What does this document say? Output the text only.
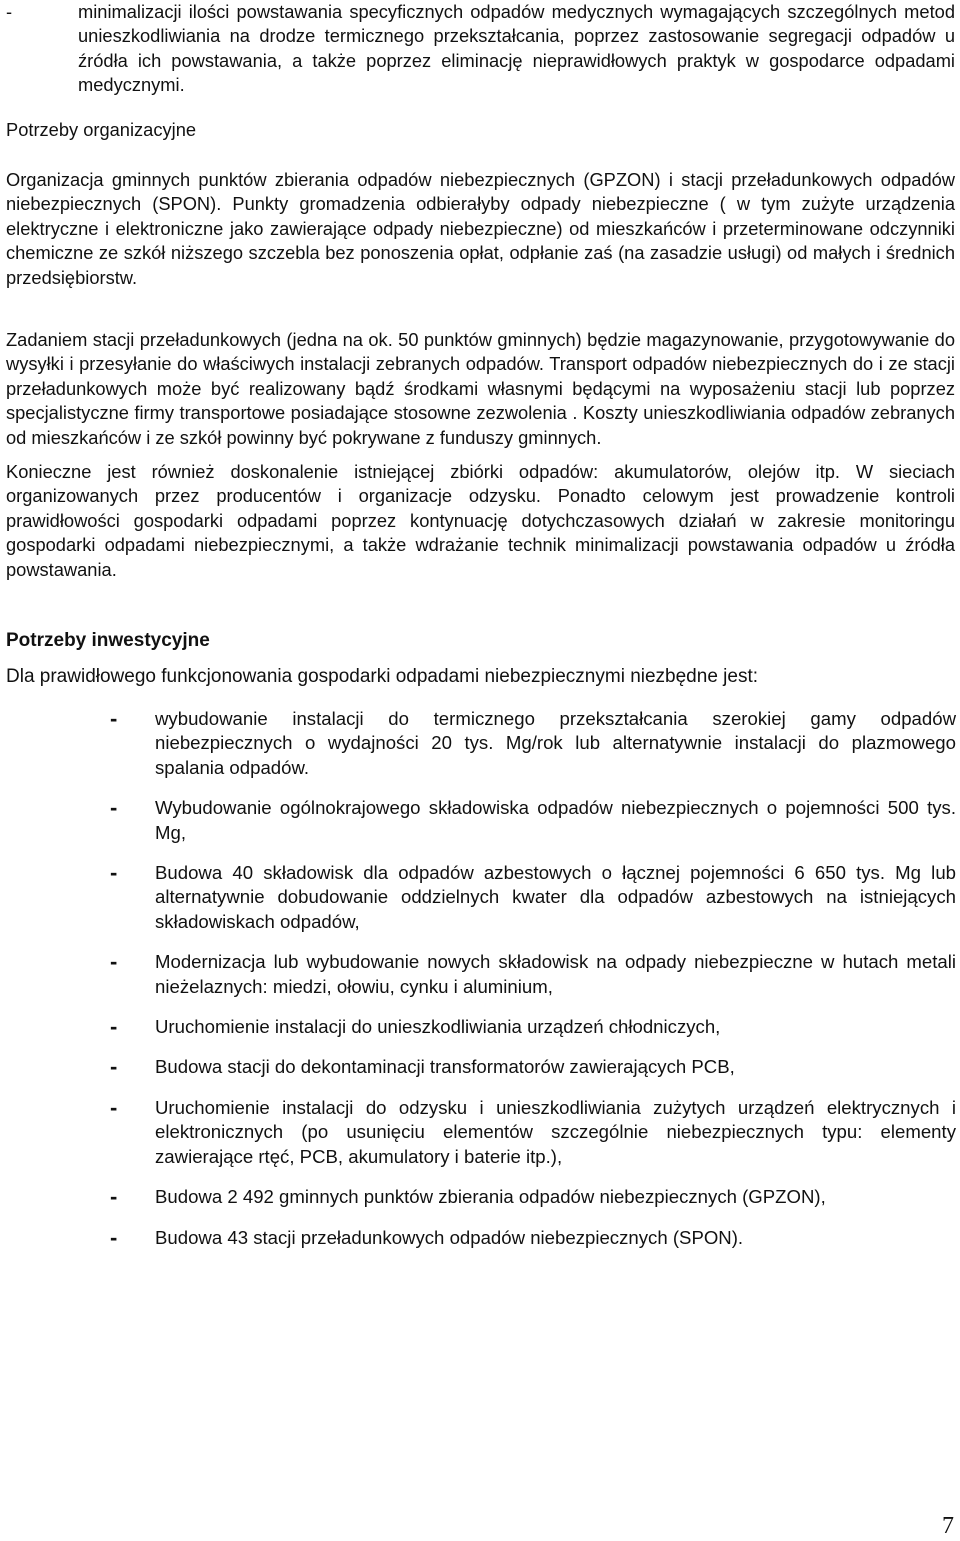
-	minimalizacji ilości powstawania specyficznych odpadów medycznych wymagających szczególnych metod unieszkodliwiania na drodze termicznego przekształcania, poprzez zastosowanie segregacji odpadów u źródła ich powstawania, a także poprzez eliminację nieprawidłowych praktyk w gospodarce odpadami medycznymi.
Potrzeby organizacyjne
Organizacja gminnych punktów zbierania odpadów niebezpiecznych (GPZON) i stacji przeładunkowych odpadów niebezpiecznych (SPON). Punkty gromadzenia odbierałyby odpady niebezpieczne ( w tym zużyte urządzenia elektryczne i elektroniczne jako zawierające odpady niebezpieczne) od mieszkańców i przeterminowane odczynniki chemiczne ze szkół niższego szczebla bez ponoszenia opłat, odpłanie zaś (na zasadzie usługi) od małych i średnich przedsiębiorstw.
Zadaniem stacji przeładunkowych (jedna na ok. 50 punktów gminnych) będzie magazynowanie, przygotowywanie do wysyłki i przesyłanie do właściwych instalacji zebranych odpadów. Transport odpadów niebezpiecznych do i ze stacji przeładunkowych może być realizowany bądź środkami własnymi będącymi na wyposażeniu stacji lub poprzez specjalistyczne firmy transportowe posiadające stosowne zezwolenia . Koszty unieszkodliwiania odpadów zebranych od mieszkańców i ze szkół powinny być pokrywane z funduszy gminnych.
Konieczne jest również doskonalenie istniejącej zbiórki odpadów: akumulatorów, olejów itp. W sieciach organizowanych przez producentów i organizacje odzysku. Ponadto celowym jest prowadzenie kontroli prawidłowości gospodarki odpadami poprzez kontynuację dotychczasowych działań w zakresie monitoringu gospodarki odpadami niebezpiecznymi, a także wdrażanie technik minimalizacji powstawania odpadów u źródła powstawania.
Potrzeby inwestycyjne
Dla prawidłowego funkcjonowania gospodarki odpadami niebezpiecznymi niezbędne jest:
-	wybudowanie instalacji do termicznego przekształcania szerokiej gamy odpadów niebezpiecznych o wydajności 20 tys. Mg/rok lub alternatywnie instalacji do plazmowego spalania odpadów.
-	Wybudowanie ogólnokrajowego składowiska odpadów niebezpiecznych o pojemności 500 tys. Mg,
-	Budowa 40 składowisk dla odpadów azbestowych o łącznej pojemności 6 650 tys. Mg lub alternatywnie dobudowanie oddzielnych kwater dla odpadów azbestowych na istniejących składowiskach odpadów,
-	Modernizacja lub wybudowanie nowych składowisk na odpady niebezpieczne w hutach metali nieżelaznych: miedzi, ołowiu, cynku i aluminium,
-	Uruchomienie instalacji do unieszkodliwiania urządzeń chłodniczych,
-	Budowa stacji do dekontaminacji transformatorów zawierających PCB,
-	Uruchomienie instalacji do odzysku i unieszkodliwiania zużytych urządzeń elektrycznych i elektronicznych (po usunięciu elementów szczególnie niebezpiecznych typu: elementy zawierające rtęć, PCB, akumulatory i baterie itp.),
-	Budowa 2 492 gminnych punktów zbierania odpadów niebezpiecznych (GPZON),
-	Budowa 43 stacji przeładunkowych odpadów niebezpiecznych (SPON).
7
